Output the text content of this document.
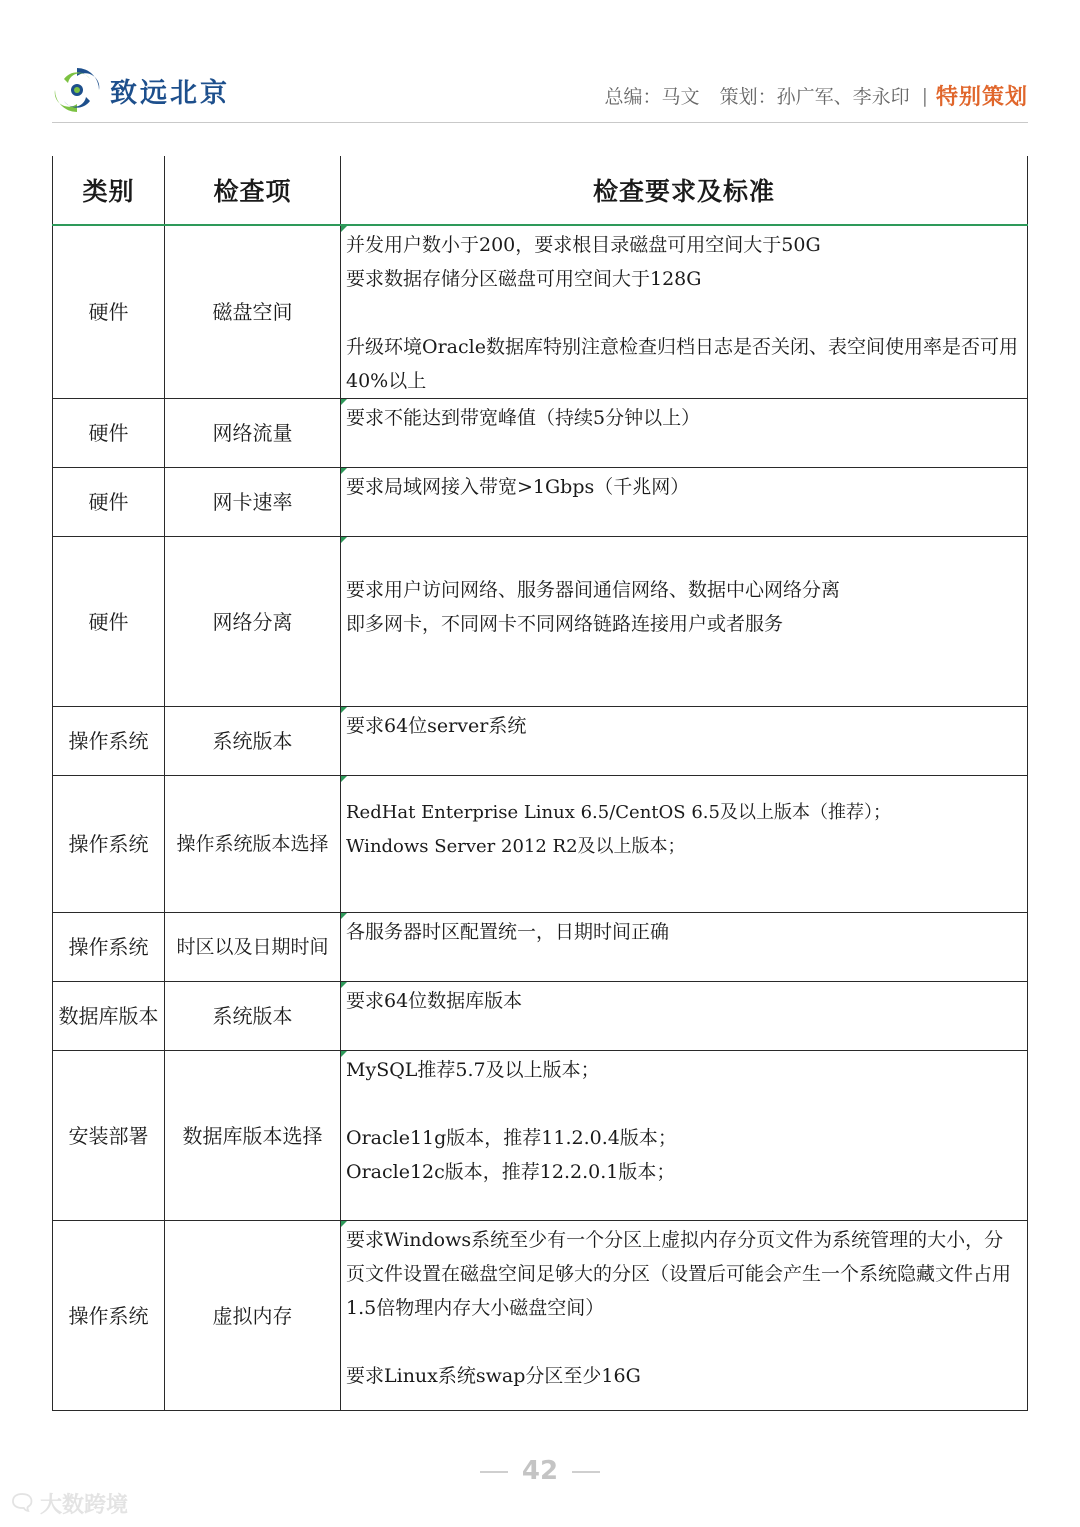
致远北京	总编：马文 策划：孙广军、李永印 | 特别策划
类别	检查项	检查要求及标准
硬件	磁盘空间	并发用户数小于200，要求根目录磁盘可用空间大于50G
要求数据存储分区磁盘可用空间大于128G
升级环境Oracle数据库特别注意检查归档日志是否关闭、表空间使用率是否可用40%以上

硬件	网络流量	要求不能达到带宽峰值（持续5分钟以上）

硬件	网卡速率	要求局域网接入带宽>1Gbps（千兆网）

硬件	网络分离	要求用户访问网络、服务器间通信网络、数据中心网络分离
即多网卡，不同网卡不同网络链路连接用户或者服务

操作系统	系统版本	要求64位server系统

操作系统	操作系统版本选择	RedHat Enterprise Linux 6.5/CentOS 6.5及以上版本（推荐）；
Windows Server 2012 R2及以上版本；

操作系统	时区以及日期时间	各服务器时区配置统一，日期时间正确

数据库版本	系统版本	要求64位数据库版本

安装部署	数据库版本选择	MySQL推荐5.7及以上版本；
Oracle11g版本，推荐11.2.0.4版本；
Oracle12c版本，推荐12.2.0.1版本；

操作系统	虚拟内存	要求Windows系统至少有一个分区上虚拟内存分页文件为系统管理的大小，分页文件设置在磁盘空间足够大的分区（设置后可能会产生一个系统隐藏文件占用1.5倍物理内存大小磁盘空间）
要求Linux系统swap分区至少16G
42
🗨 大数跨境
